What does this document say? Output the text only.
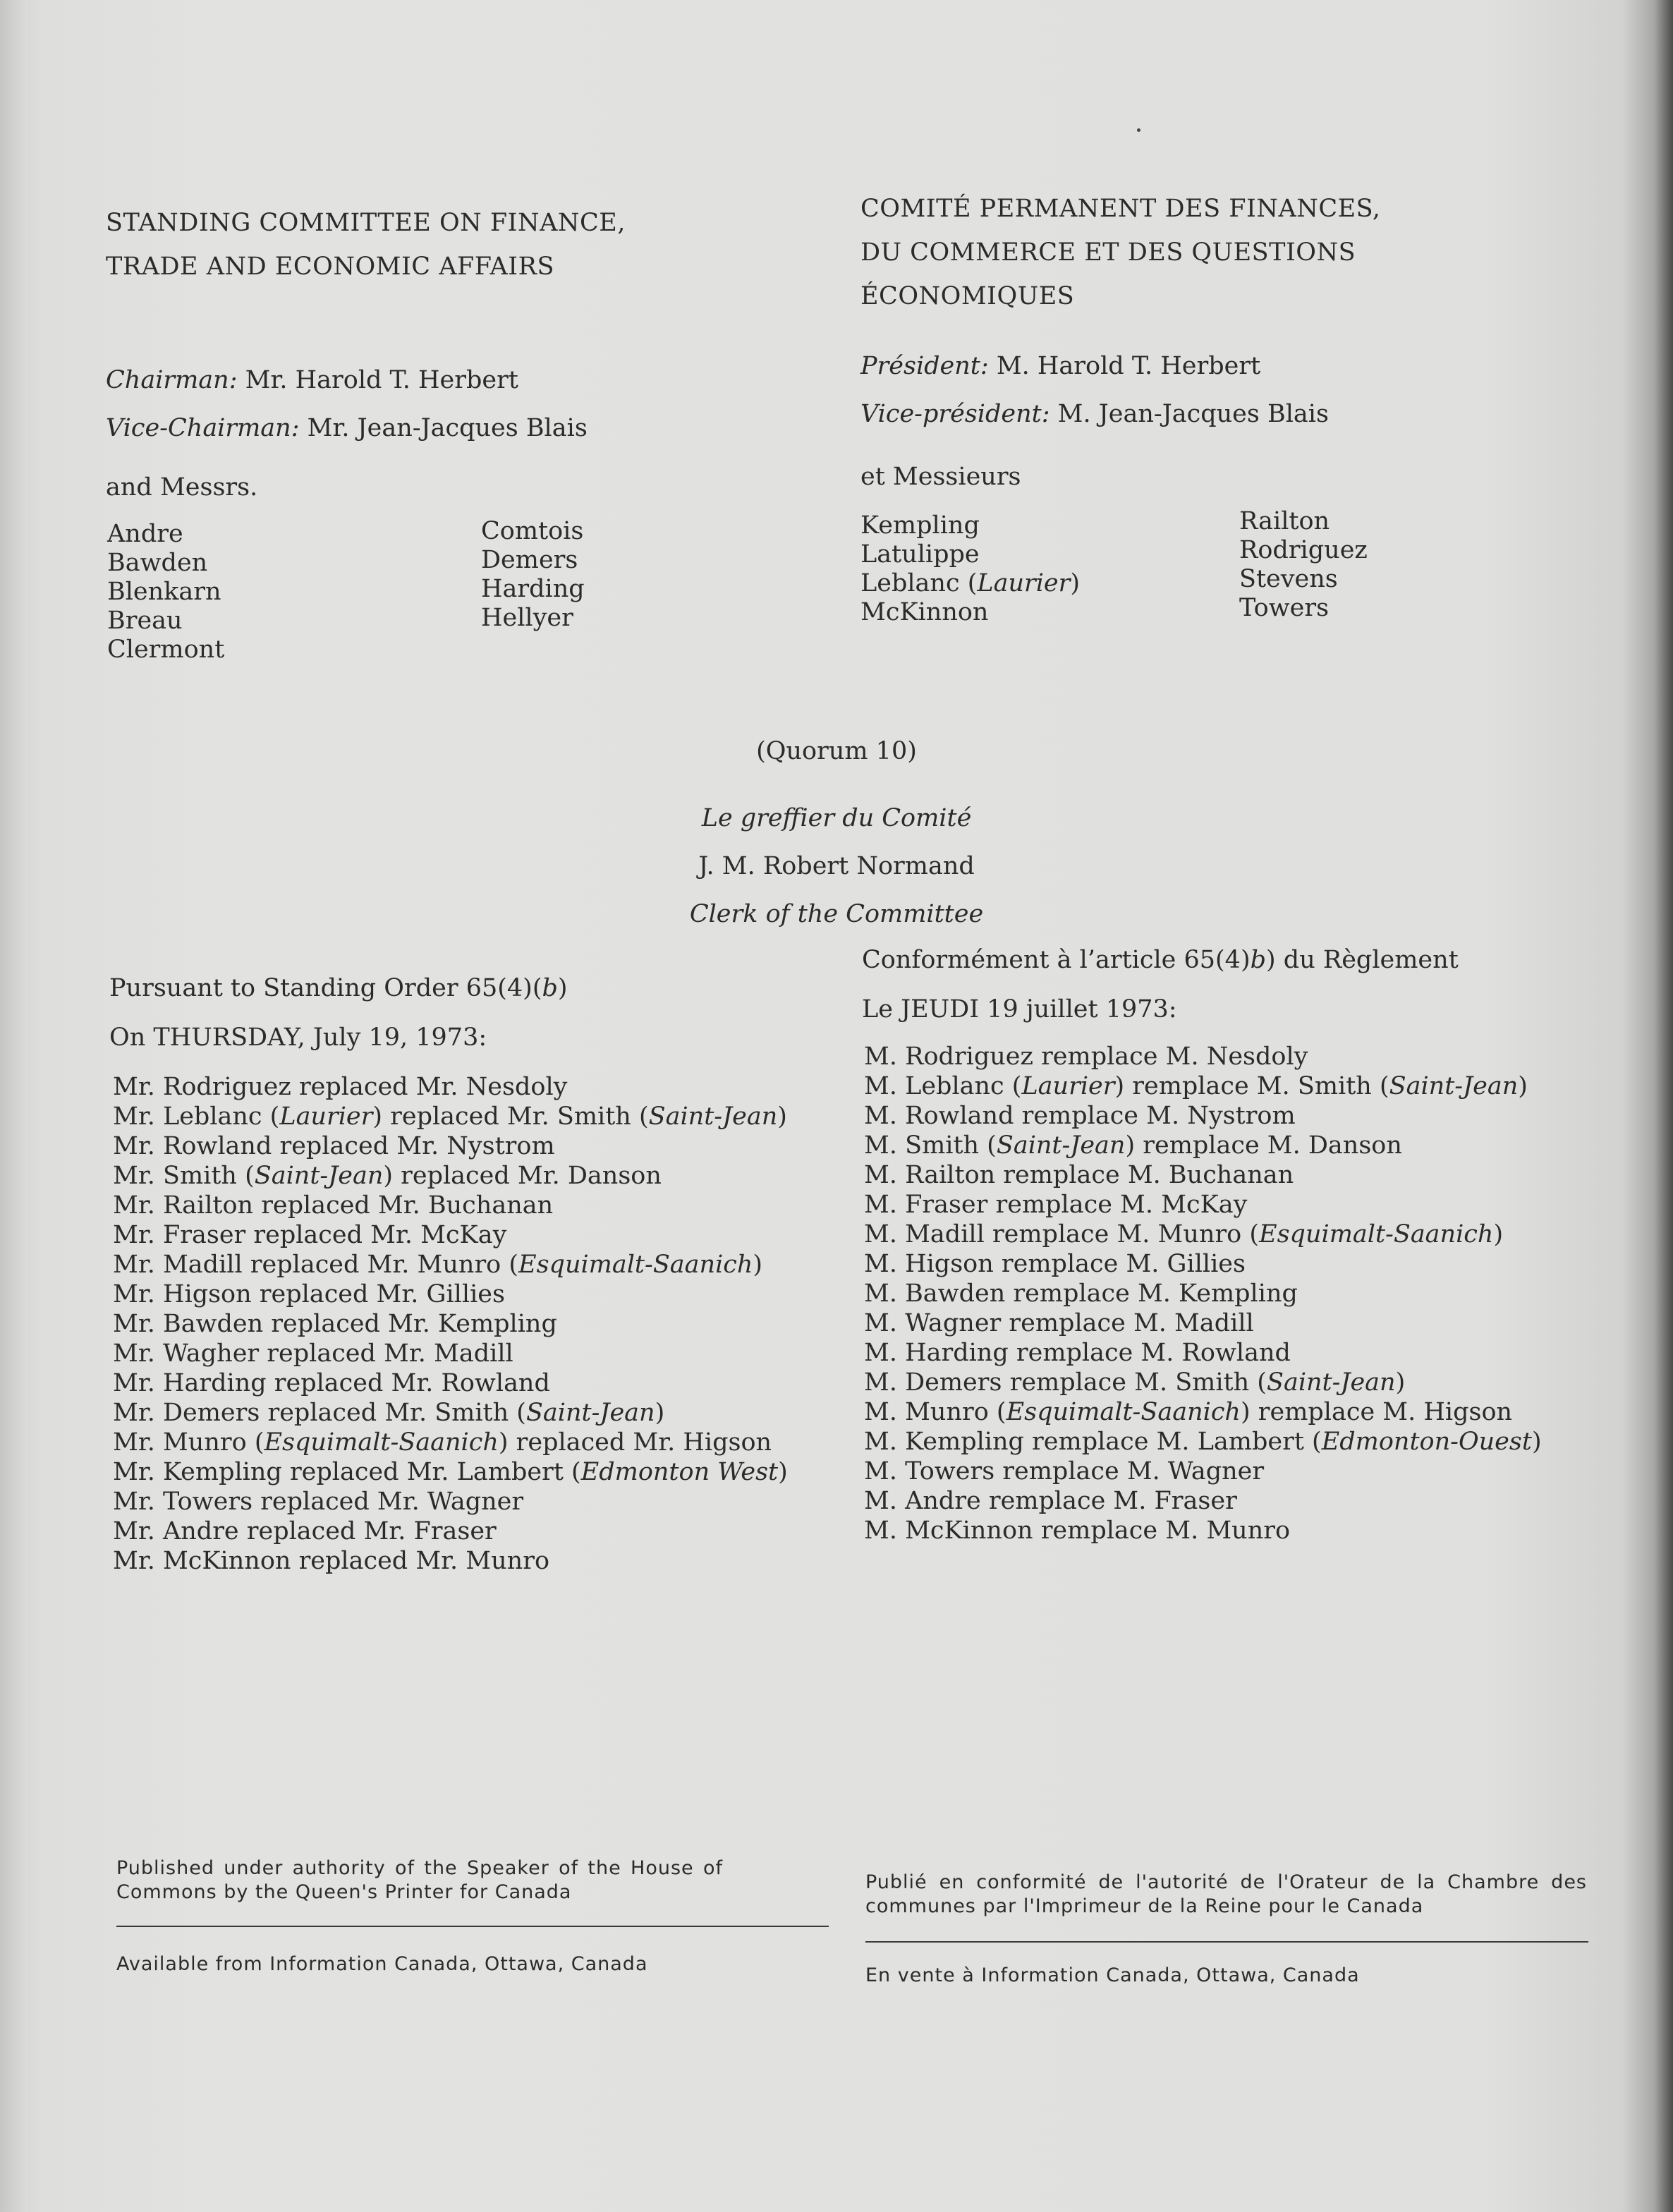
STANDING COMMITTEE ON FINANCE,
TRADE AND ECONOMIC AFFAIRS
COMITÉ PERMANENT DES FINANCES,
DU COMMERCE ET DES QUESTIONS
ÉCONOMIQUES
Chairman: Mr. Harold T. Herbert
Vice-Chairman: Mr. Jean-Jacques Blais
Président: M. Harold T. Herbert
Vice-président: M. Jean-Jacques Blais
and Messrs.	et Messieurs
Andre
Bawden
Blenkarn
Breau
Clermont
Comtois
Demers
Harding
Hellyer
Kempling
Latulippe
Leblanc (Laurier)
McKinnon
Railton
Rodriguez
Stevens
Towers
(Quorum 10)
Le greffier du Comité
J. M. Robert Normand
Clerk of the Committee
Pursuant to Standing Order 65(4)(b)
On THURSDAY, July 19, 1973:
Conformément à l’article 65(4)b) du Règlement
Le JEUDI 19 juillet 1973:
Mr. Rodriguez replaced Mr. Nesdoly
Mr. Leblanc (Laurier) replaced Mr. Smith (Saint-Jean)
Mr. Rowland replaced Mr. Nystrom
Mr. Smith (Saint-Jean) replaced Mr. Danson
Mr. Railton replaced Mr. Buchanan
Mr. Fraser replaced Mr. McKay
Mr. Madill replaced Mr. Munro (Esquimalt-Saanich)
Mr. Higson replaced Mr. Gillies
Mr. Bawden replaced Mr. Kempling
Mr. Wagher replaced Mr. Madill
Mr. Harding replaced Mr. Rowland
Mr. Demers replaced Mr. Smith (Saint-Jean)
Mr. Munro (Esquimalt-Saanich) replaced Mr. Higson
Mr. Kempling replaced Mr. Lambert (Edmonton West)
Mr. Towers replaced Mr. Wagner
Mr. Andre replaced Mr. Fraser
Mr. McKinnon replaced Mr. Munro
M. Rodriguez remplace M. Nesdoly
M. Leblanc (Laurier) remplace M. Smith (Saint-Jean)
M. Rowland remplace M. Nystrom
M. Smith (Saint-Jean) remplace M. Danson
M. Railton remplace M. Buchanan
M. Fraser remplace M. McKay
M. Madill remplace M. Munro (Esquimalt-Saanich)
M. Higson remplace M. Gillies
M. Bawden remplace M. Kempling
M. Wagner remplace M. Madill
M. Harding remplace M. Rowland
M. Demers remplace M. Smith (Saint-Jean)
M. Munro (Esquimalt-Saanich) remplace M. Higson
M. Kempling remplace M. Lambert (Edmonton-Ouest)
M. Towers remplace M. Wagner
M. Andre remplace M. Fraser
M. McKinnon remplace M. Munro
Published under authority of the Speaker of the House of Commons by the Queen's Printer for Canada
Available from Information Canada, Ottawa, Canada
Publié en conformité de l'autorité de l'Orateur de la Chambre des communes par l'Imprimeur de la Reine pour le Canada
En vente à Information Canada, Ottawa, Canada
